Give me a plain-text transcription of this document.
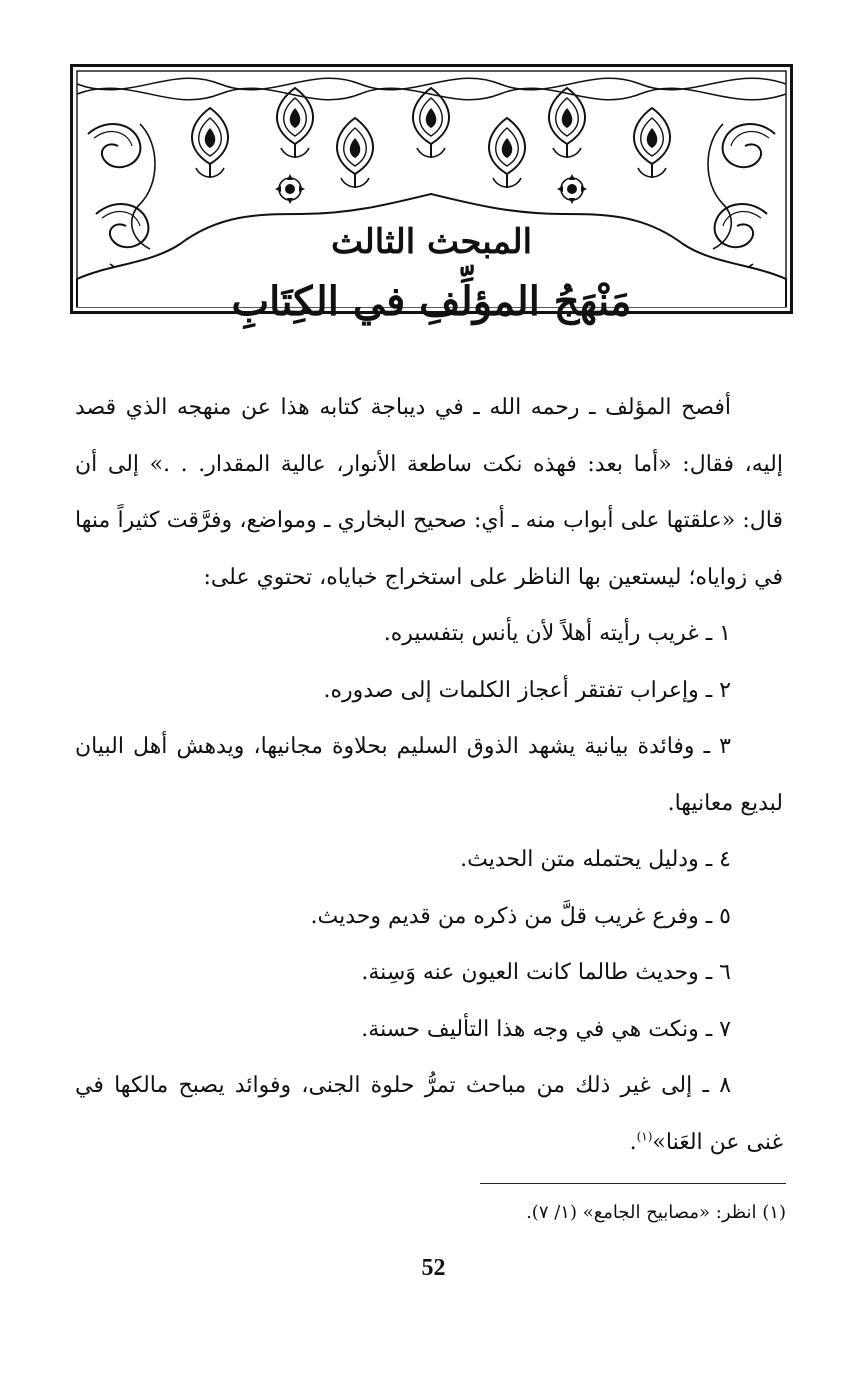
المبحث الثالث
مَنْهَجُ المؤلِّفِ في الكِتَابِ

أفصح المؤلف ـ رحمه الله ـ في ديباجة كتابه هذا عن منهجه الذي قصد إليه، فقال: «أما بعد: فهذه نكت ساطعة الأنوار، عالية المقدار. . .» إلى أن قال: «علقتها على أبواب منه ـ أي: صحيح البخاري ـ ومواضع، وفرَّقت كثيراً منها في زواياه؛ ليستعين بها الناظر على استخراج خباياه، تحتوي على:

١ ـ غريب رأيته أهلاً لأن يأنس بتفسيره.

٢ ـ وإعراب تفتقر أعجاز الكلمات إلى صدوره.

٣ ـ وفائدة بيانية يشهد الذوق السليم بحلاوة مجانيها، ويدهش أهل البيان لبديع معانيها.

٤ ـ ودليل يحتمله متن الحديث.

٥ ـ وفرع غريب قلَّ من ذكره من قديم وحديث.

٦ ـ وحديث طالما كانت العيون عنه وَسِنة.

٧ ـ ونكت هي في وجه هذا التأليف حسنة.

٨ ـ إلى غير ذلك من مباحث تمرُّ حلوة الجنى، وفوائد يصبح مالكها في غنى عن العَنا»$^{(١)}$.

(١) انظر: «مصابيح الجامع» (١/ ٧).
52
